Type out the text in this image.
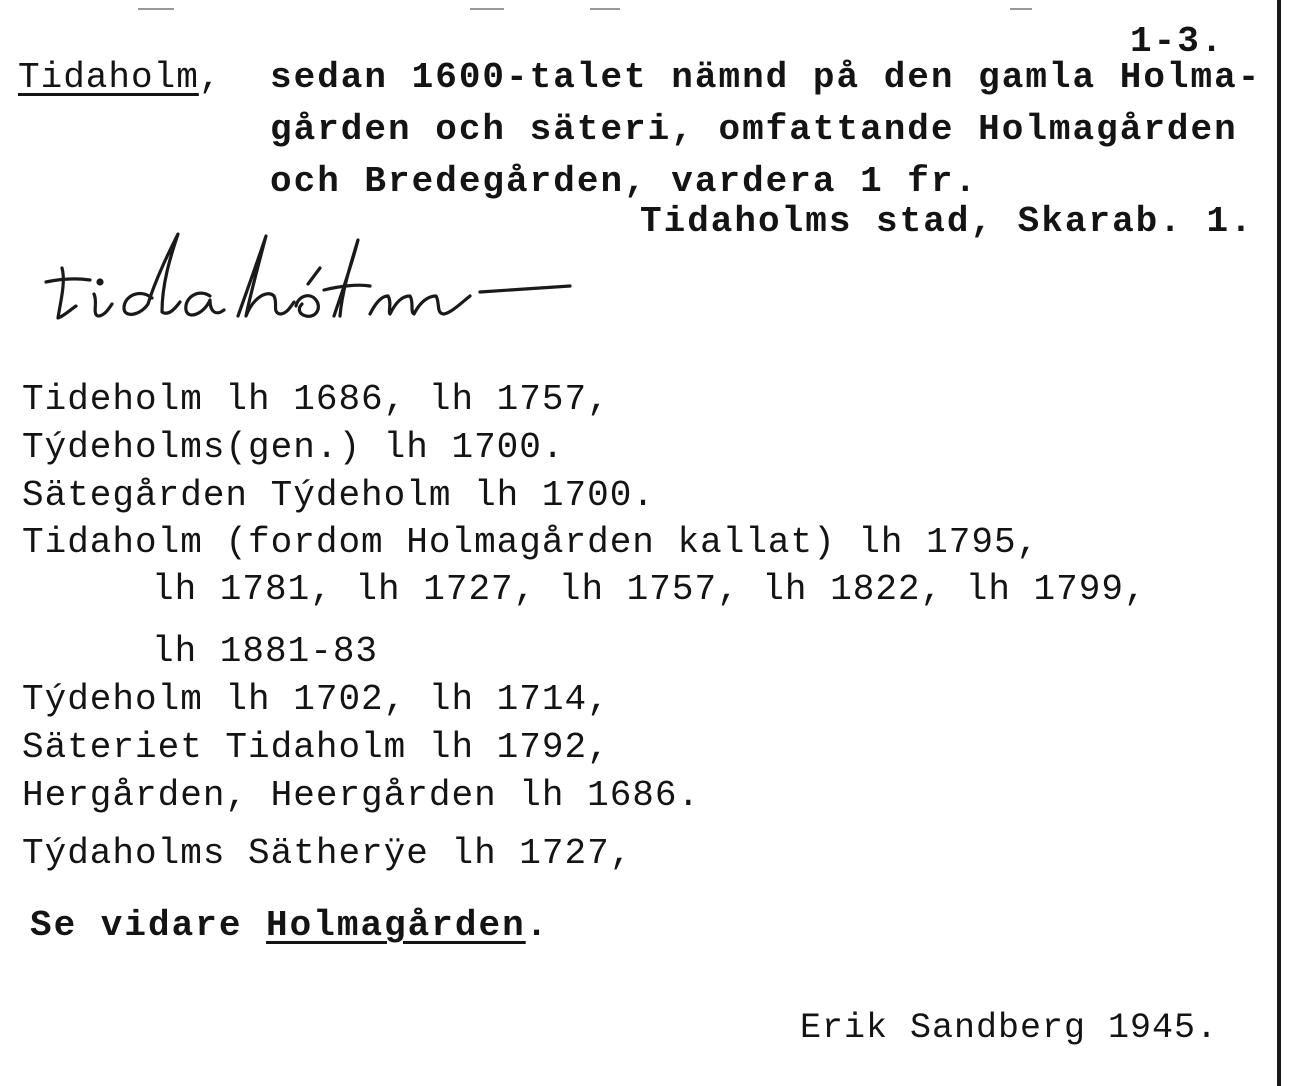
1-3.
Tidaholm, sedan 1600-talet nämnd på den gamla Holma-
gården och säteri, omfattande Holmagården
och Bredegården, vardera 1 fr.
Tidaholms stad, Skarab. 1.
Tideholm lh 1686, lh 1757,
Týdeholms(gen.) lh 1700.
Sätegården Týdeholm lh 1700.
Tidaholm (fordom Holmagården kallat) lh 1795,
lh 1781, lh 1727, lh 1757, lh 1822, lh 1799,
lh 1881-83
Týdeholm lh 1702, lh 1714,
Säteriet Tidaholm lh 1792,
Hergården, Heergården lh 1686.
Týdaholms Sätherÿe lh 1727,
Se vidare Holmagården.
Erik Sandberg 1945.
